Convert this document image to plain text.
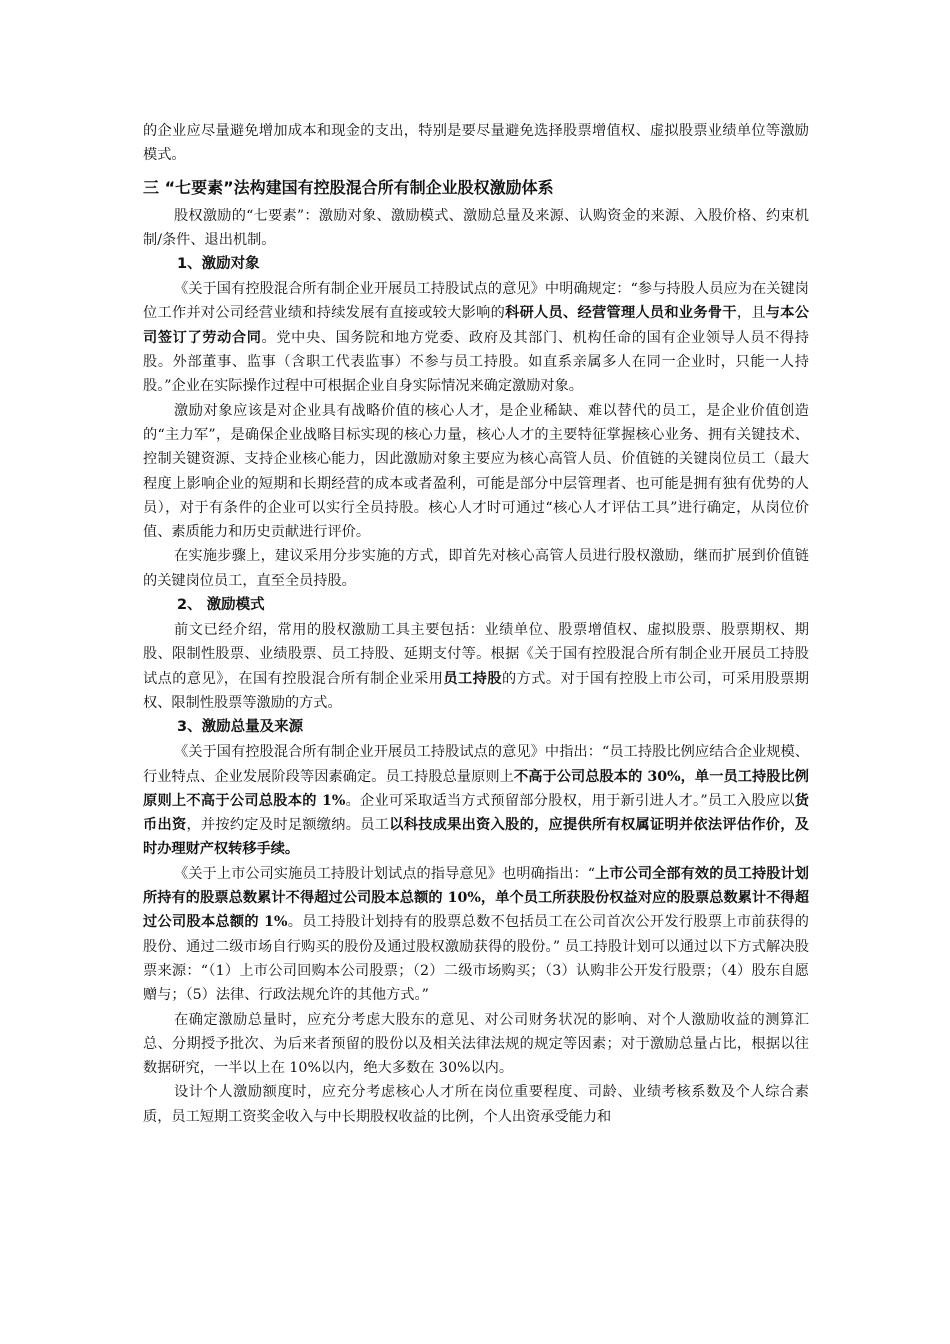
的企业应尽量避免增加成本和现金的支出，特别是要尽量避免选择股票增值权、虚拟股票业绩单位等激励模式。

三 “七要素”法构建国有控股混合所有制企业股权激励体系

股权激励的“七要素”：激励对象、激励模式、激励总量及来源、认购资金的来源、入股价格、约束机制/条件、退出机制。

1、激励对象

《关于国有控股混合所有制企业开展员工持股试点的意见》中明确规定：“参与持股人员应为在关键岗位工作并对公司经营业绩和持续发展有直接或较大影响的科研人员、经营管理人员和业务骨干，且与本公司签订了劳动合同。党中央、国务院和地方党委、政府及其部门、机构任命的国有企业领导人员不得持股。外部董事、监事（含职工代表监事）不参与员工持股。如直系亲属多人在同一企业时，只能一人持股。”企业在实际操作过程中可根据企业自身实际情况来确定激励对象。

激励对象应该是对企业具有战略价值的核心人才，是企业稀缺、难以替代的员工，是企业价值创造的“主力军”，是确保企业战略目标实现的核心力量，核心人才的主要特征掌握核心业务、拥有关键技术、控制关键资源、支持企业核心能力，因此激励对象主要应为核心高管人员、价值链的关键岗位员工（最大程度上影响企业的短期和长期经营的成本或者盈利，可能是部分中层管理者、也可能是拥有独有优势的人员），对于有条件的企业可以实行全员持股。核心人才时可通过“核心人才评估工具”进行确定，从岗位价值、素质能力和历史贡献进行评价。

在实施步骤上，建议采用分步实施的方式，即首先对核心高管人员进行股权激励，继而扩展到价值链的关键岗位员工，直至全员持股。

2、 激励模式

前文已经介绍，常用的股权激励工具主要包括：业绩单位、股票增值权、虚拟股票、股票期权、期股、限制性股票、业绩股票、员工持股、延期支付等。根据《关于国有控股混合所有制企业开展员工持股试点的意见》，在国有控股混合所有制企业采用员工持股的方式。对于国有控股上市公司，可采用股票期权、限制性股票等激励的方式。

3、激励总量及来源

《关于国有控股混合所有制企业开展员工持股试点的意见》中指出：“员工持股比例应结合企业规模、行业特点、企业发展阶段等因素确定。员工持股总量原则上不高于公司总股本的 30%，单一员工持股比例原则上不高于公司总股本的 1%。企业可采取适当方式预留部分股权，用于新引进人才。”员工入股应以货币出资，并按约定及时足额缴纳。员工以科技成果出资入股的，应提供所有权属证明并依法评估作价，及时办理财产权转移手续。

《关于上市公司实施员工持股计划试点的指导意见》也明确指出：“上市公司全部有效的员工持股计划所持有的股票总数累计不得超过公司股本总额的 10%，单个员工所获股份权益对应的股票总数累计不得超过公司股本总额的 1%。员工持股计划持有的股票总数不包括员工在公司首次公开发行股票上市前获得的股份、通过二级市场自行购买的股份及通过股权激励获得的股份。” 员工持股计划可以通过以下方式解决股票来源：“（1）上市公司回购本公司股票；（2）二级市场购买；（3）认购非公开发行股票；（4）股东自愿赠与；（5）法律、行政法规允许的其他方式。”

在确定激励总量时，应充分考虑大股东的意见、对公司财务状况的影响、对个人激励收益的测算汇总、分期授予批次、为后来者预留的股份以及相关法律法规的规定等因素；对于激励总量占比，根据以往数据研究，一半以上在 10%以内，绝大多数在 30%以内。

设计个人激励额度时，应充分考虑核心人才所在岗位重要程度、司龄、业绩考核系数及个人综合素质，员工短期工资奖金收入与中长期股权收益的比例，个人出资承受能力和
